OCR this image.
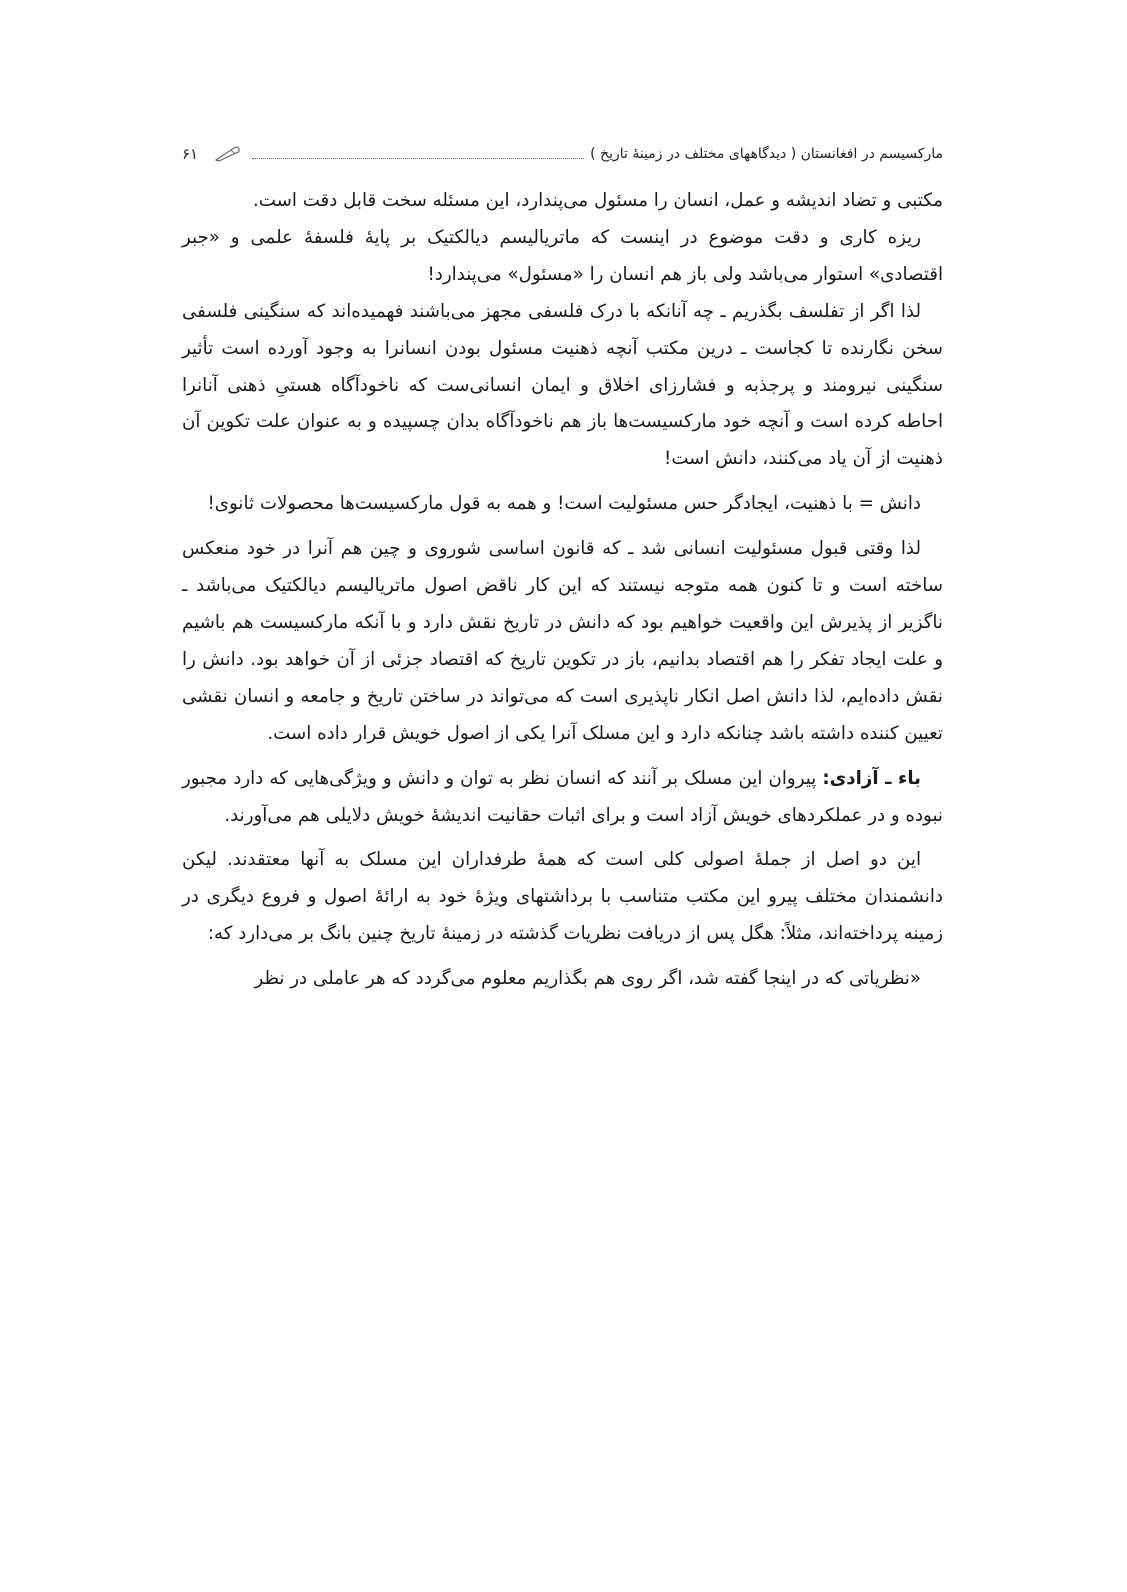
مارکسیسم در افغانستان ( دیدگاههای مختلف در زمینهٔ تاریخ )
۶۱

مکتبی و تضاد اندیشه و عمل، انسان را مسئول می‌پندارد، این مسئله سخت قابل دقت است.

ریزه کاری و دقت موضوع در اینست که ماتریالیسم دیالکتیک بر پایهٔ فلسفهٔ علمی و «جبر اقتصادی» استوار می‌باشد ولی باز هم انسان را «مسئول» می‌پندارد!

لذا اگر از تفلسف بگذریم ـ چه آنانکه با درک فلسفی مجهز می‌باشند فهمیده‌اند که سنگینی فلسفی سخن نگارنده تا کجاست ـ درین مکتب آنچه ذهنیت مسئول بودن انسانرا به وجود آورده است تأثیر سنگینی نیرومند و پرجذبه و فشارزای اخلاق و ایمان انسانی‌ست که ناخودآگاه هستیِ ذهنی آنانرا احاطه کرده است و آنچه خود مارکسیست‌ها باز هم ناخودآگاه بدان چسپیده و به عنوان علت تکوین آن ذهنیت از آن یاد می‌کنند، دانش است!

دانش = با ذهنیت، ایجادگر حس مسئولیت است! و همه به قول مارکسیست‌ها محصولات ثانوی!

لذا وقتی قبول مسئولیت انسانی شد ـ که قانون اساسی شوروی و چین هم آنرا در خود منعکس ساخته است و تا کنون همه متوجه نیستند که این کار ناقض اصول ماتریالیسم دیالکتیک می‌باشد ـ ناگزیر از پذیرش این واقعیت خواهیم بود که دانش در تاریخ نقش دارد و با آنکه مارکسیست هم باشیم و علت ایجاد تفکر را هم اقتصاد بدانیم، باز در تکوین تاریخ که اقتصاد جزئی از آن خواهد بود. دانش را نقش داده‌ایم، لذا دانش اصل انکار ناپذیری است که می‌تواند در ساختن تاریخ و جامعه و انسان نقشی تعیین کننده داشته باشد چنانکه دارد و این مسلک آنرا یکی از اصول خویش قرار داده است.

باء ـ آزادی: پیروان این مسلک بر آنند که انسان نظر به توان و دانش و ویژگی‌هایی که دارد مجبور نبوده و در عملکردهای خویش آزاد است و برای اثبات حقانیت اندیشهٔ خویش دلایلی هم می‌آورند.

این دو اصل از جملهٔ اصولی کلی است که همهٔ طرفداران این مسلک به آنها معتقدند. لیکن دانشمندان مختلف پیرو این مکتب متناسب با برداشتهای ویژهٔ خود به ارائهٔ اصول و فروع دیگری در زمینه پرداخته‌اند، مثلاً: هگل پس از دریافت نظریات گذشته در زمینهٔ تاریخ چنین بانگ بر می‌دارد که:

«نظریاتی که در اینجا گفته شد، اگر روی هم بگذاریم معلوم می‌گردد که هر عاملی در نظر
